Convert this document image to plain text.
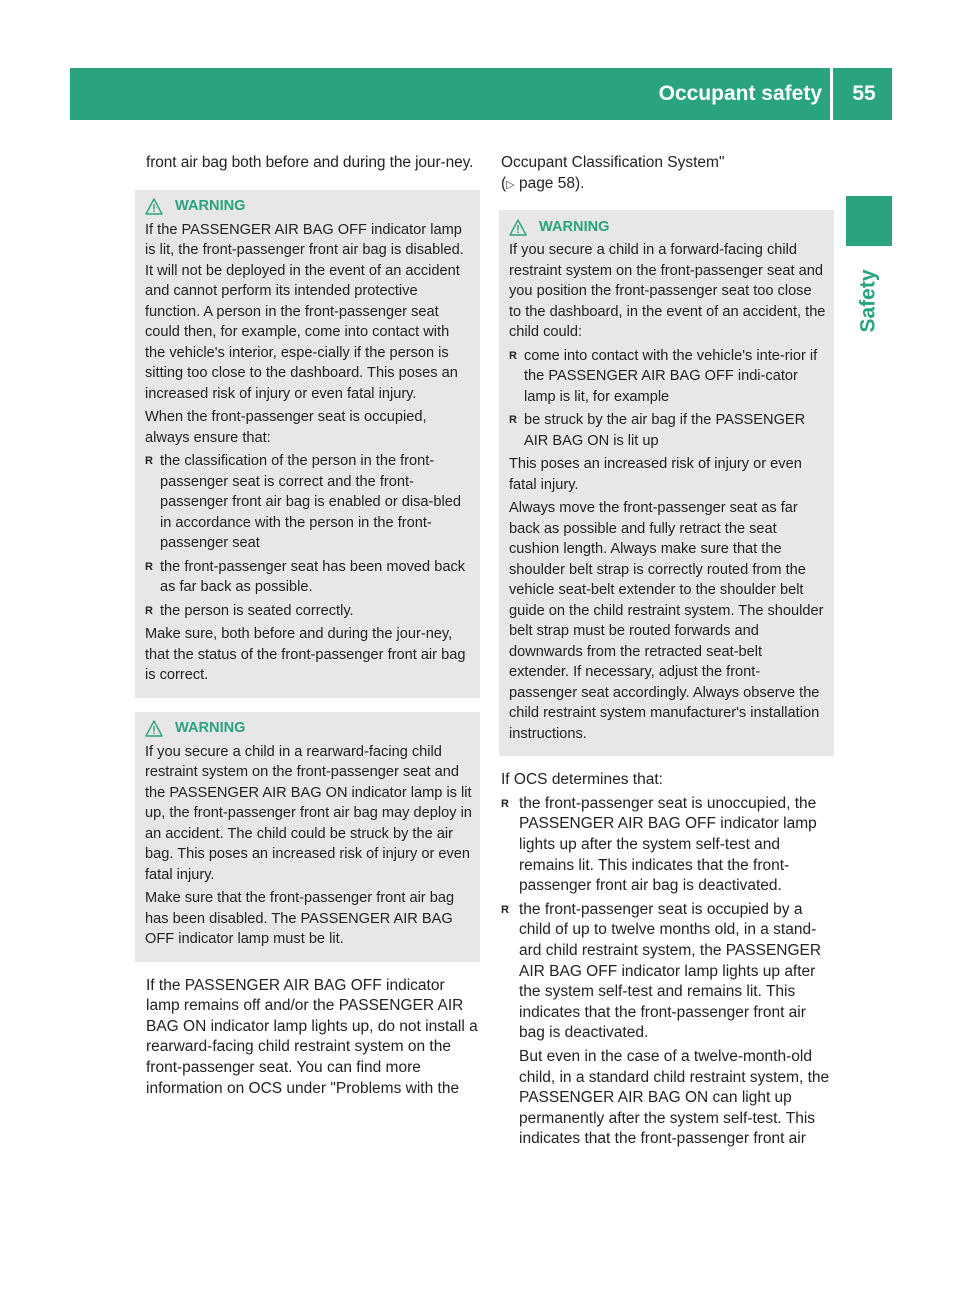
Occupant safety	55
Safety

front air bag both before and during the jour-ney.

WARNING

If the PASSENGER AIR BAG OFF indicator lamp is lit, the front-passenger front air bag is disabled. It will not be deployed in the event of an accident and cannot perform its intended protective function. A person in the front-passenger seat could then, for example, come into contact with the vehicle's interior, espe-cially if the person is sitting too close to the dashboard. This poses an increased risk of injury or even fatal injury.

When the front-passenger seat is occupied, always ensure that:

R the classification of the person in the front-passenger seat is correct and the front-passenger front air bag is enabled or disa-bled in accordance with the person in the front-passenger seat
R the front-passenger seat has been moved back as far back as possible.
R the person is seated correctly.

Make sure, both before and during the jour-ney, that the status of the front-passenger front air bag is correct.

WARNING

If you secure a child in a rearward-facing child restraint system on the front-passenger seat and the PASSENGER AIR BAG ON indicator lamp is lit up, the front-passenger front air bag may deploy in an accident. The child could be struck by the air bag. This poses an increased risk of injury or even fatal injury.

Make sure that the front-passenger front air bag has been disabled. The PASSENGER AIR BAG OFF indicator lamp must be lit.

If the PASSENGER AIR BAG OFF indicator lamp remains off and/or the PASSENGER AIR BAG ON indicator lamp lights up, do not install a rearward-facing child restraint system on the front-passenger seat. You can find more information on OCS under "Problems with the

Occupant Classification System"

(▷ page 58).

WARNING

If you secure a child in a forward-facing child restraint system on the front-passenger seat and you position the front-passenger seat too close to the dashboard, in the event of an accident, the child could:

R come into contact with the vehicle's inte-rior if the PASSENGER AIR BAG OFF indi-cator lamp is lit, for example
R be struck by the air bag if the PASSENGER AIR BAG ON is lit up

This poses an increased risk of injury or even fatal injury.

Always move the front-passenger seat as far back as possible and fully retract the seat cushion length. Always make sure that the shoulder belt strap is correctly routed from the vehicle seat-belt extender to the shoulder belt guide on the child restraint system. The shoulder belt strap must be routed forwards and downwards from the retracted seat-belt extender. If necessary, adjust the front-passenger seat accordingly. Always observe the child restraint system manufacturer's installation instructions.

If OCS determines that:

R the front-passenger seat is unoccupied, the PASSENGER AIR BAG OFF indicator lamp lights up after the system self-test and remains lit. This indicates that the front-passenger front air bag is deactivated.
R the front-passenger seat is occupied by a child of up to twelve months old, in a stand-ard child restraint system, the PASSENGER AIR BAG OFF indicator lamp lights up after the system self-test and remains lit. This indicates that the front-passenger front air bag is deactivated.

But even in the case of a twelve-month-old child, in a standard child restraint system, the PASSENGER AIR BAG ON can light up permanently after the system self-test. This indicates that the front-passenger front air
